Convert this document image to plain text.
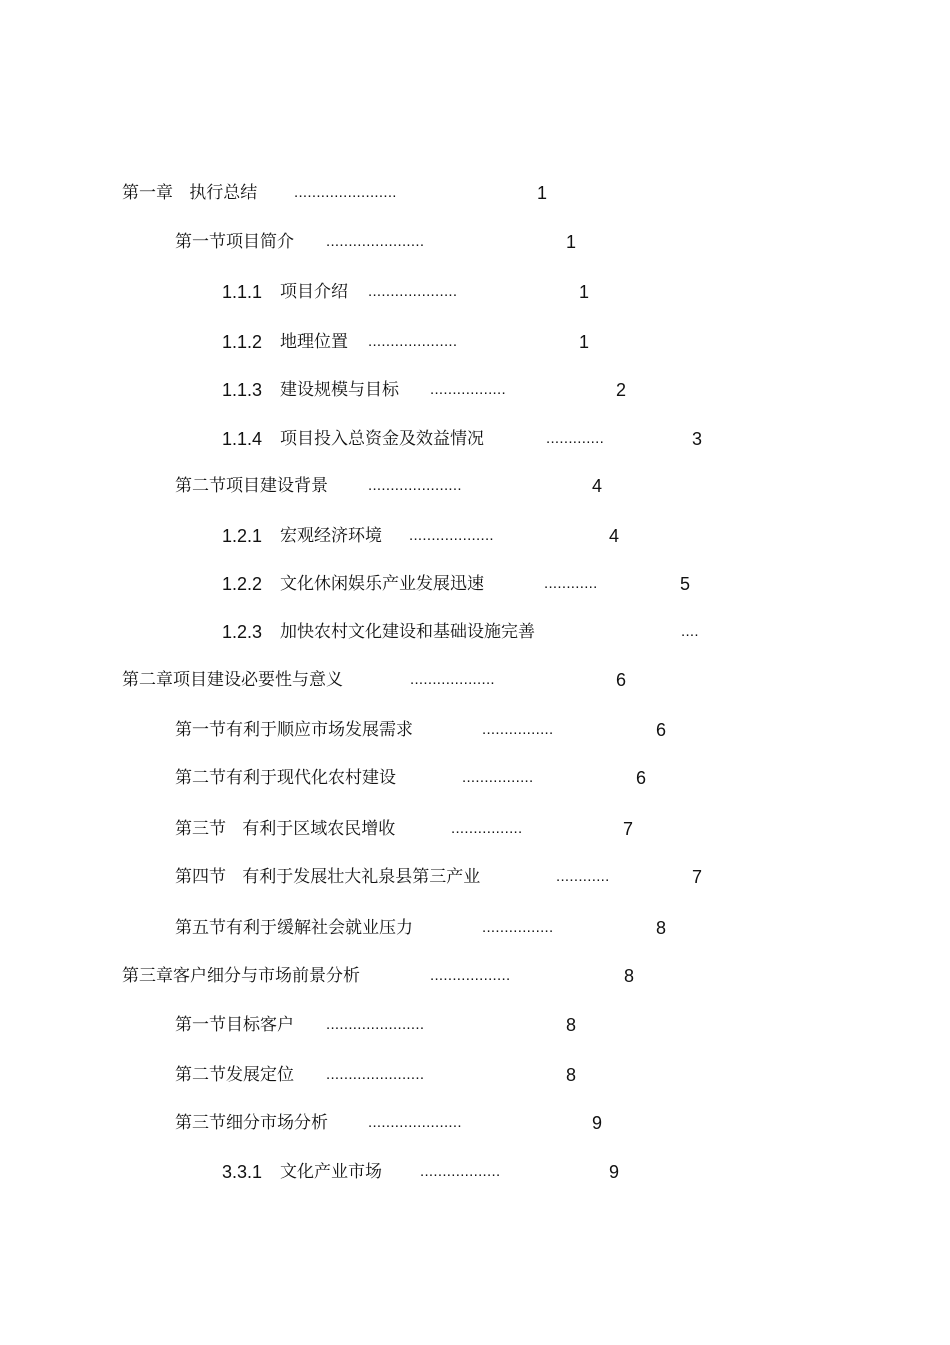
第一章   执行总结 .......................	1
第一节项目简介 ......................	1
1.1.1 项目介绍 ....................	1
1.1.2 地理位置 ....................	1
1.1.3 建设规模与目标 .................	2
1.1.4 项目投入总资金及效益情况	.............	3
第二节项目建设背景	.....................	4
1.2.1 宏观经济环境 ...................	4
1.2.2 文化休闲娱乐产业发展迅速	............	5
1.2.3 加快农村文化建设和基础设施完善	....
第二章项目建设必要性与意义	...................	6
第一节有利于顺应市场发展需求	................	6
第二节有利于现代化农村建设	................	6
第三节   有利于区域农民增收	................	7
第四节   有利于发展壮大礼泉县第三产业	............	7
第五节有利于缓解社会就业压力	................	8
第三章客户细分与市场前景分析	..................	8
第一节目标客户 ......................	8
第二节发展定位 ......................	8
第三节细分市场分析	.....................	9
3.3.1 文化产业市场	..................	9
